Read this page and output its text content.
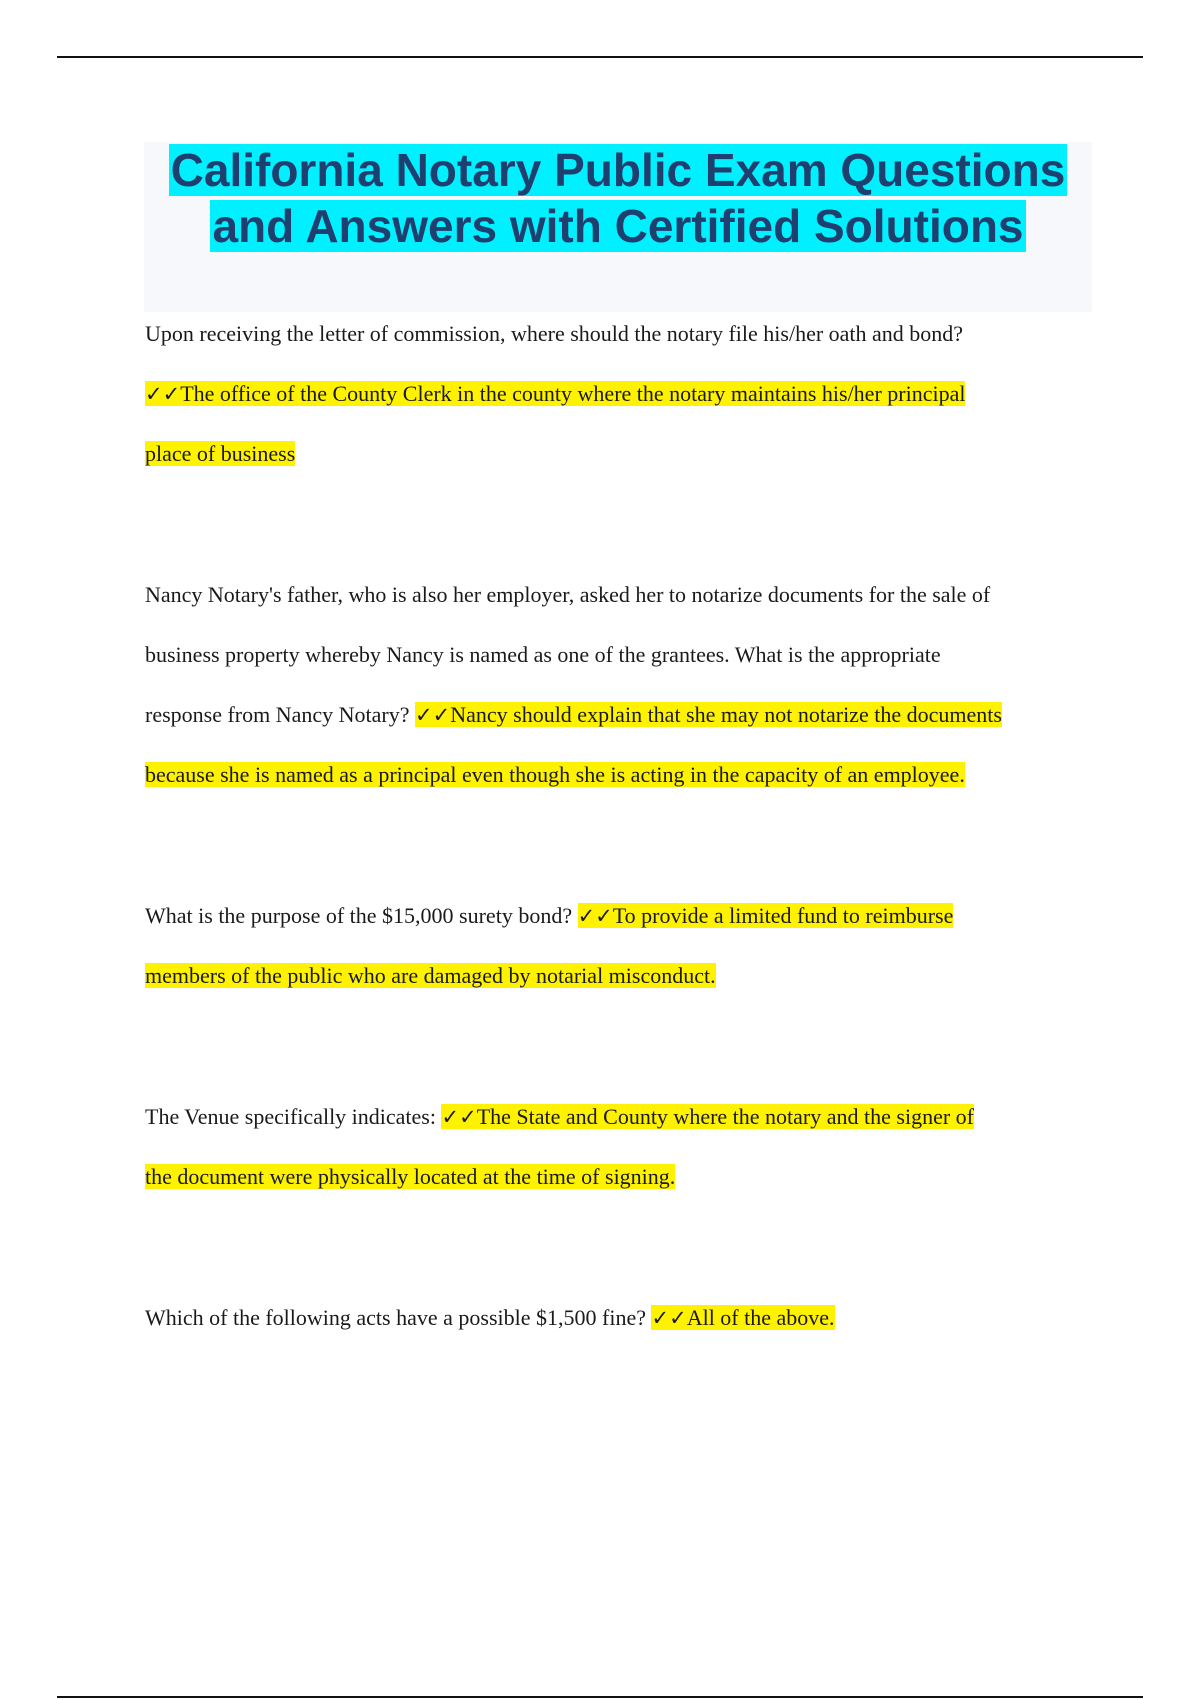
California Notary Public Exam Questions
and Answers with Certified Solutions

Upon receiving the letter of commission, where should the notary file his/her oath and bond?

✓✓The office of the County Clerk in the county where the notary maintains his/her principal

place of business

Nancy Notary's father, who is also her employer, asked her to notarize documents for the sale of

business property whereby Nancy is named as one of the grantees. What is the appropriate

response from Nancy Notary? ✓✓Nancy should explain that she may not notarize the documents

because she is named as a principal even though she is acting in the capacity of an employee.

What is the purpose of the $15,000 surety bond? ✓✓To provide a limited fund to reimburse

members of the public who are damaged by notarial misconduct.

The Venue specifically indicates: ✓✓The State and County where the notary and the signer of

the document were physically located at the time of signing.

Which of the following acts have a possible $1,500 fine? ✓✓All of the above.
